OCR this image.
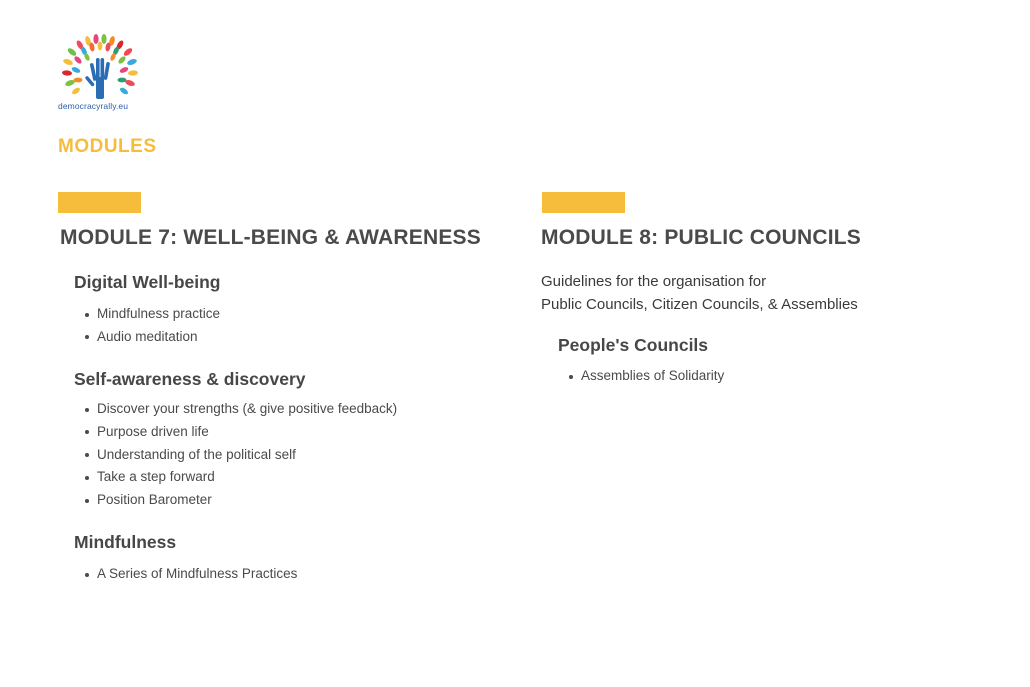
democracyrally.eu
MODULES
MODULE 7: WELL-BEING & AWARENESS
Digital Well-being
Mindfulness practice
Audio meditation
Self-awareness & discovery
Discover your strengths (& give positive feedback)
Purpose driven life
Understanding of the political self
Take a step forward
Position Barometer
Mindfulness
A Series of Mindfulness Practices
MODULE 8: PUBLIC COUNCILS
Guidelines for the organisation for
Public Councils, Citizen Councils, & Assemblies
People's Councils
Assemblies of Solidarity
